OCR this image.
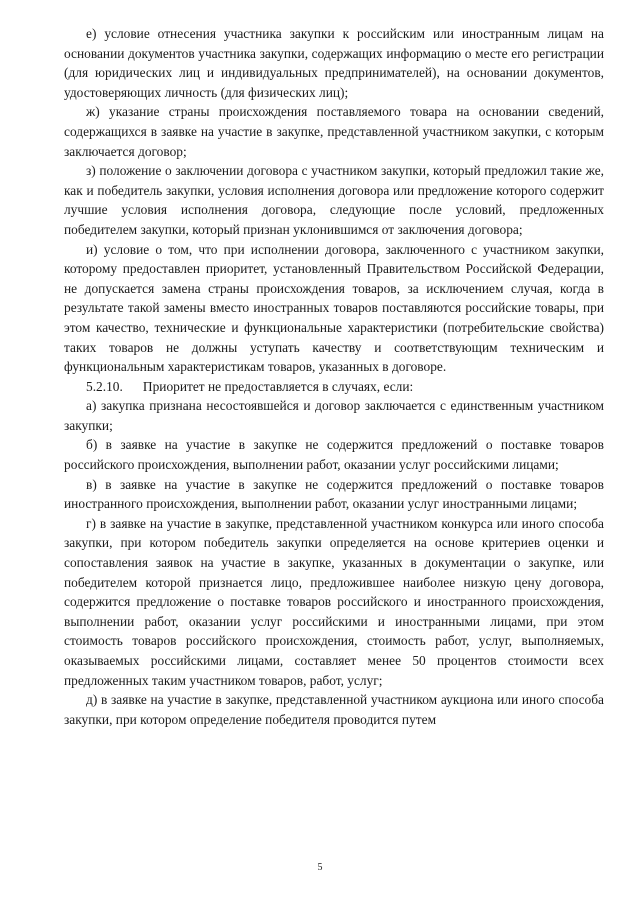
е) условие отнесения участника закупки к российским или иностранным лицам на основании документов участника закупки, содержащих информацию о месте его регистрации (для юридических лиц и индивидуальных предпринимателей), на основании документов, удостоверяющих личность (для физических лиц);

ж) указание страны происхождения поставляемого товара на основании сведений, содержащихся в заявке на участие в закупке, представленной участником закупки, с которым заключается договор;

з) положение о заключении договора с участником закупки, который предложил такие же, как и победитель закупки, условия исполнения договора или предложение которого содержит лучшие условия исполнения договора, следующие после условий, предложенных победителем закупки, который признан уклонившимся от заключения договора;

и) условие о том, что при исполнении договора, заключенного с участником закупки, которому предоставлен приоритет, установленный Правительством Российской Федерации, не допускается замена страны происхождения товаров, за исключением случая, когда в результате такой замены вместо иностранных товаров поставляются российские товары, при этом качество, технические и функциональные характеристики (потребительские свойства) таких товаров не должны уступать качеству и соответствующим техническим и функциональным характеристикам товаров, указанных в договоре.

5.2.10.      Приоритет не предоставляется в случаях, если:

а) закупка признана несостоявшейся и договор заключается с единственным участником закупки;

б) в заявке на участие в закупке не содержится предложений о поставке товаров российского происхождения, выполнении работ, оказании услуг российскими лицами;

в) в заявке на участие в закупке не содержится предложений о поставке товаров иностранного происхождения, выполнении работ, оказании услуг иностранными лицами;

г) в заявке на участие в закупке, представленной участником конкурса или иного способа закупки, при котором победитель закупки определяется на основе критериев оценки и сопоставления заявок на участие в закупке, указанных в документации о закупке, или победителем которой признается лицо, предложившее наиболее низкую цену договора, содержится предложение о поставке товаров российского и иностранного происхождения, выполнении работ, оказании услуг российскими и иностранными лицами, при этом стоимость товаров российского происхождения, стоимость работ, услуг, выполняемых, оказываемых российскими лицами, составляет менее 50 процентов стоимости всех предложенных таким участником товаров, работ, услуг;

д) в заявке на участие в закупке, представленной участником аукциона или иного способа закупки, при котором определение победителя проводится путем

5
